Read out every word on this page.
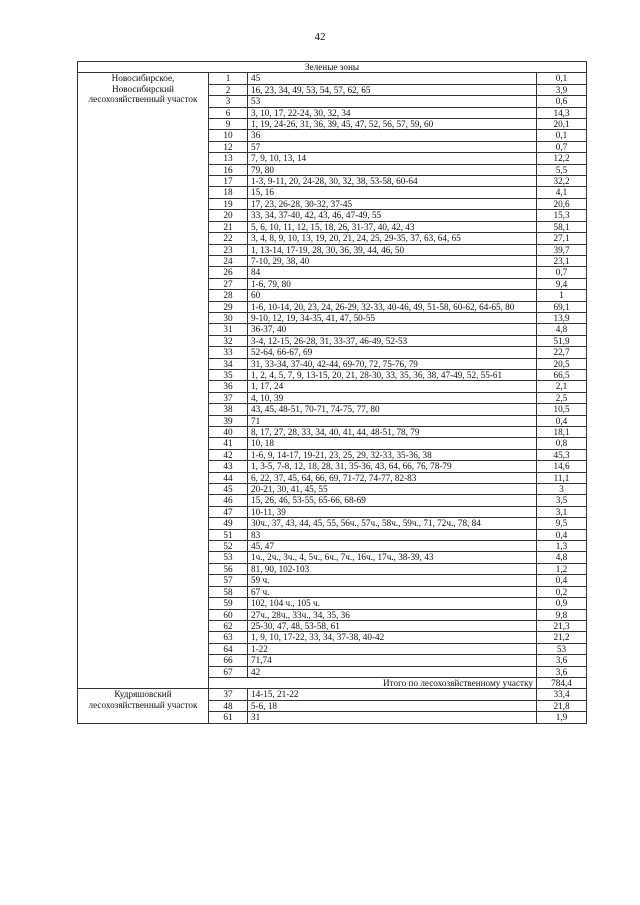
42
Зеленые зоны			
Новосибирское, Новосибирский лесохозяйственный участок	1	45	0,1
	2	16, 23, 34, 49, 53, 54, 57, 62, 65	3,9
	3	53	0,6
	6	3, 10, 17, 22-24, 30, 32, 34	14,3
	9	1, 19, 24-26, 31, 36, 39, 45, 47, 52, 56, 57, 59, 60	20,1
	10	36	0,1
	12	57	0,7
	13	7, 9, 10, 13, 14	12,2
	16	79, 80	5,5
	17	1-3, 9-11, 20, 24-28, 30, 32, 38, 53-58, 60-64	32,2
	18	15, 16	4,1
	19	17, 23, 26-28, 30-32, 37-45	20,6
	20	33, 34, 37-40, 42, 43, 46, 47-49, 55	15,3
	21	5, 6, 10, 11, 12, 15, 18, 26, 31-37, 40, 42, 43	58,1
	22	3, 4, 8, 9, 10, 13, 19, 20, 21, 24, 25, 29-35, 37, 63, 64, 65	27,1
	23	1, 13-14, 17-19, 28, 30, 36, 39, 44, 46, 50	39,7
	24	7-10, 29, 38, 40	23,1
	26	84	0,7
	27	1-6, 79, 80	9,4
	28	60	1
	29	1-6, 10-14, 20, 23, 24, 26-29, 32-33, 40-46, 49, 51-58, 60-62, 64-65, 80	69,1
	30	9-10, 12, 19, 34-35, 41, 47, 50-55	13,9
	31	36-37, 40	4,8
	32	3-4, 12-15, 26-28, 31, 33-37, 46-49, 52-53	51,9
	33	52-64, 66-67, 69	22,7
	34	31, 33-34, 37-40, 42-44, 69-70, 72, 75-76, 79	20,5
	35	1, 2, 4, 5, 7, 9, 13-15, 20, 21, 28-30, 33, 35, 36, 38, 47-49, 52, 55-61	66,5
	36	1, 17, 24	2,1
	37	4, 10, 39	2,5
	38	43, 45, 48-51, 70-71, 74-75, 77, 80	10,5
	39	71	0,4
	40	8, 17, 27, 28, 33, 34, 40, 41, 44, 48-51, 78, 79	18,1
	41	10, 18	0,8
	42	1-6, 9, 14-17, 19-21, 23, 25, 29, 32-33, 35-36, 38	45,3
	43	1, 3-5, 7-8, 12, 18, 28, 31, 35-36, 43, 64, 66, 76, 78-79	14,6
	44	6, 22, 37, 45, 64, 66, 69, 71-72, 74-77, 82-83	11,1
	45	20-21, 30, 41, 45, 55	3
	46	15, 26, 46, 53-55, 65-66, 68-69	3,5
	47	10-11, 39	3,1
	49	30ч., 37, 43, 44, 45, 55, 56ч., 57ч., 58ч., 59ч., 71, 72ч., 78, 84	9,5
	51	83	0,4
	52	45, 47	1,3
	53	1ч., 2ч., 3ч., 4, 5ч., 6ч., 7ч., 16ч., 17ч., 38-39, 43	4,8
	56	81, 90, 102-103	1,2
	57	59 ч.	0,4
	58	67 ч.	0,2
	59	102, 104 ч., 105 ч.	0,9
	60	27ч., 28ч., 33ч., 34, 35, 36	9,8
	62	25-30, 47, 48, 53-58, 61	21,3
	63	1, 9, 10, 17-22, 33, 34, 37-38, 40-42	21,2
	64	1-22	53
	66	71,74	3,6
	67	42	3,6
	Итого по лесохозяйственному участку		784,4
Кудряшовский лесохозяйственный участок	37	14-15, 21-22	33,4
	48	5-6, 18	21,8
	61	31	1,9
